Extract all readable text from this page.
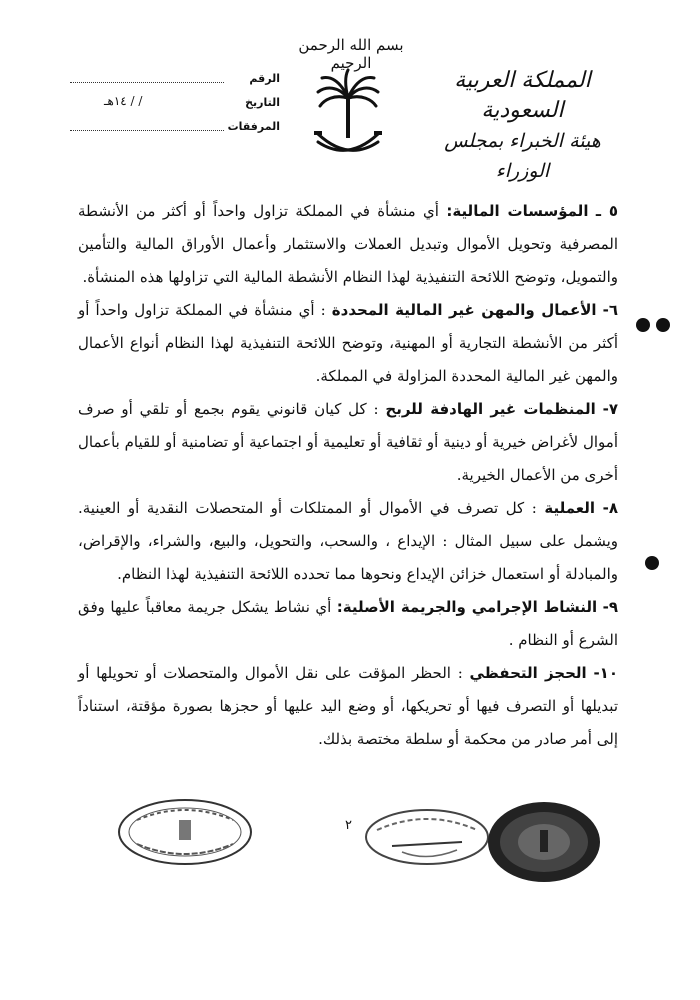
بسم الله الرحمن الرحيم
المملكة العربية السعودية
هيئة الخبراء بمجلس الوزراء
الرقم
التاريخ
/ / ١٤هـ
المرفقات

٥ ـ المؤسسات المالية: أي منشأة في المملكة تزاول واحداً أو أكثر من الأنشطة المصرفية وتحويل الأموال وتبديل العملات والاستثمار وأعمال الأوراق المالية والتأمين والتمويل، وتوضح اللائحة التنفيذية لهذا النظام الأنشطة المالية التي تزاولها هذه المنشأة.

٦- الأعمال والمهن غير المالية المحددة : أي منشأة في المملكة تزاول واحداً أو أكثر من الأنشطة التجارية أو المهنية، وتوضح اللائحة التنفيذية لهذا النظام أنواع الأعمال والمهن غير المالية المحددة المزاولة في المملكة.

٧- المنظمات غير الهادفة للربح : كل كيان قانوني يقوم بجمع أو تلقي أو صرف أموال لأغراض خيرية أو دينية أو ثقافية أو تعليمية أو اجتماعية أو تضامنية أو للقيام بأعمال أخرى من الأعمال الخيرية.

٨- العملية : كل تصرف في الأموال أو الممتلكات أو المتحصلات النقدية أو العينية. ويشمل على سبيل المثال : الإيداع ، والسحب، والتحويل، والبيع، والشراء، والإقراض، والمبادلة أو استعمال خزائن الإيداع ونحوها مما تحدده اللائحة التنفيذية لهذا النظام.

٩- النشاط الإجرامي والجريمة الأصلية: أي نشاط يشكل جريمة معاقباً عليها وفق الشرع أو النظام .

١٠- الحجز التحفظي : الحظر المؤقت على نقل الأموال والمتحصلات أو تحويلها أو تبديلها أو التصرف فيها أو تحريكها، أو وضع اليد عليها أو حجزها بصورة مؤقتة، استناداً إلى أمر صادر من محكمة أو سلطة مختصة بذلك.

٢
